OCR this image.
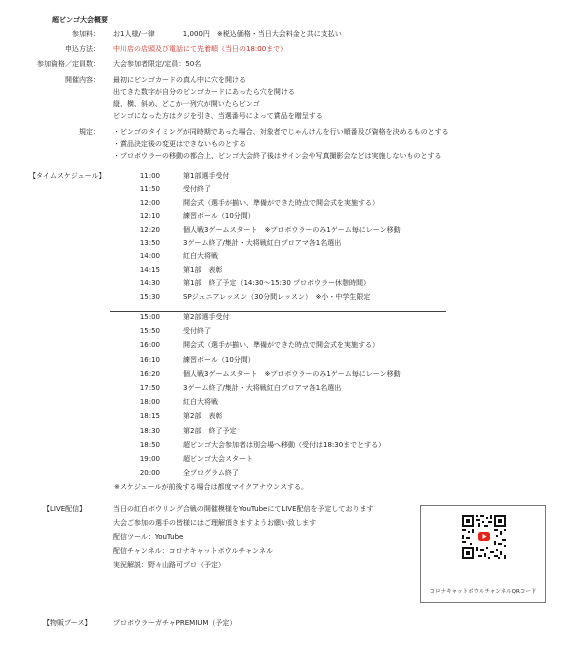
超ビンゴ大会概要
参加料： お1人様/一律　　　　1,000円　※税込価格・当日大会料金と共に支払い
申込方法： 中川店の店頭及び電話にて先着順（当日の18:00まで）
参加資格／定員数： 大会参加者限定/定員：50名
開催内容： 最初にビンゴカードの真ん中に穴を開ける
出てきた数字が自分のビンゴカードにあったら穴を開ける
縦、横、斜め、どこか一列穴が開いたらビンゴ
ビンゴになった方はクジを引き、当選番号によって賞品を贈呈する
規定： ・ビンゴのタイミングが同時期であった場合、対象者でじゃんけんを行い順番及び資格を決めるものとする
・賞品決定後の変更はできないものとする
・プロボウラーの移動の都合上、ビンゴ大会終了後はサイン会や写真撮影会などは実施しないものとする
【タイムスケジュール】	11:00	第1部選手受付
11:50	受付終了
12:00	開会式（選手が揃い、準備ができた時点で開会式を実施する）
12:10	練習ボール（10分間）
12:20	個人戦3ゲームスタート　※プロボウラーのみ1ゲーム毎にレーン移動
13:50	3ゲーム終了/集計・大将戦紅白プロアマ各1名選出
14:00	紅白大将戦
14:15	第1部　表彰
14:30	第1部　終了予定（14:30～15:30 プロボウラー休憩時間）
15:30	SPジュニアレッスン（30分間レッスン）　※小・中学生限定
15:00	第2部選手受付
15:50	受付終了
16:00	開会式（選手が揃い、準備ができた時点で開会式を実施する）
16:10	練習ボール（10分間）
16:20	個人戦3ゲームスタート　※プロボウラーのみ1ゲーム毎にレーン移動
17:50	3ゲーム終了/集計・大将戦紅白プロアマ各1名選出
18:00	紅白大将戦
18:15	第2部　表彰
18:30	第2部　終了予定
18:50	超ビンゴ大会参加者は別会場へ移動（受付は18:30までとする）
19:00	超ビンゴ大会スタート
20:00	全プログラム終了
※スケジュールが前後する場合は都度マイクアナウンスする。
【LIVE配信】	当日の紅白ボウリング合戦の開催模様をYouTubeにてLIVE配信を予定しております
大会ご参加の選手の皆様にはご理解頂きますようお願い致します
配信ツール：YouTube
配信チャンネル：コロナキャットボウルチャンネル
実況解説：野々山路可プロ（予定）
コロナキャットボウルチャンネルQRコード
【物販ブース】	プロボウラーガチャPREMIUM（予定）
